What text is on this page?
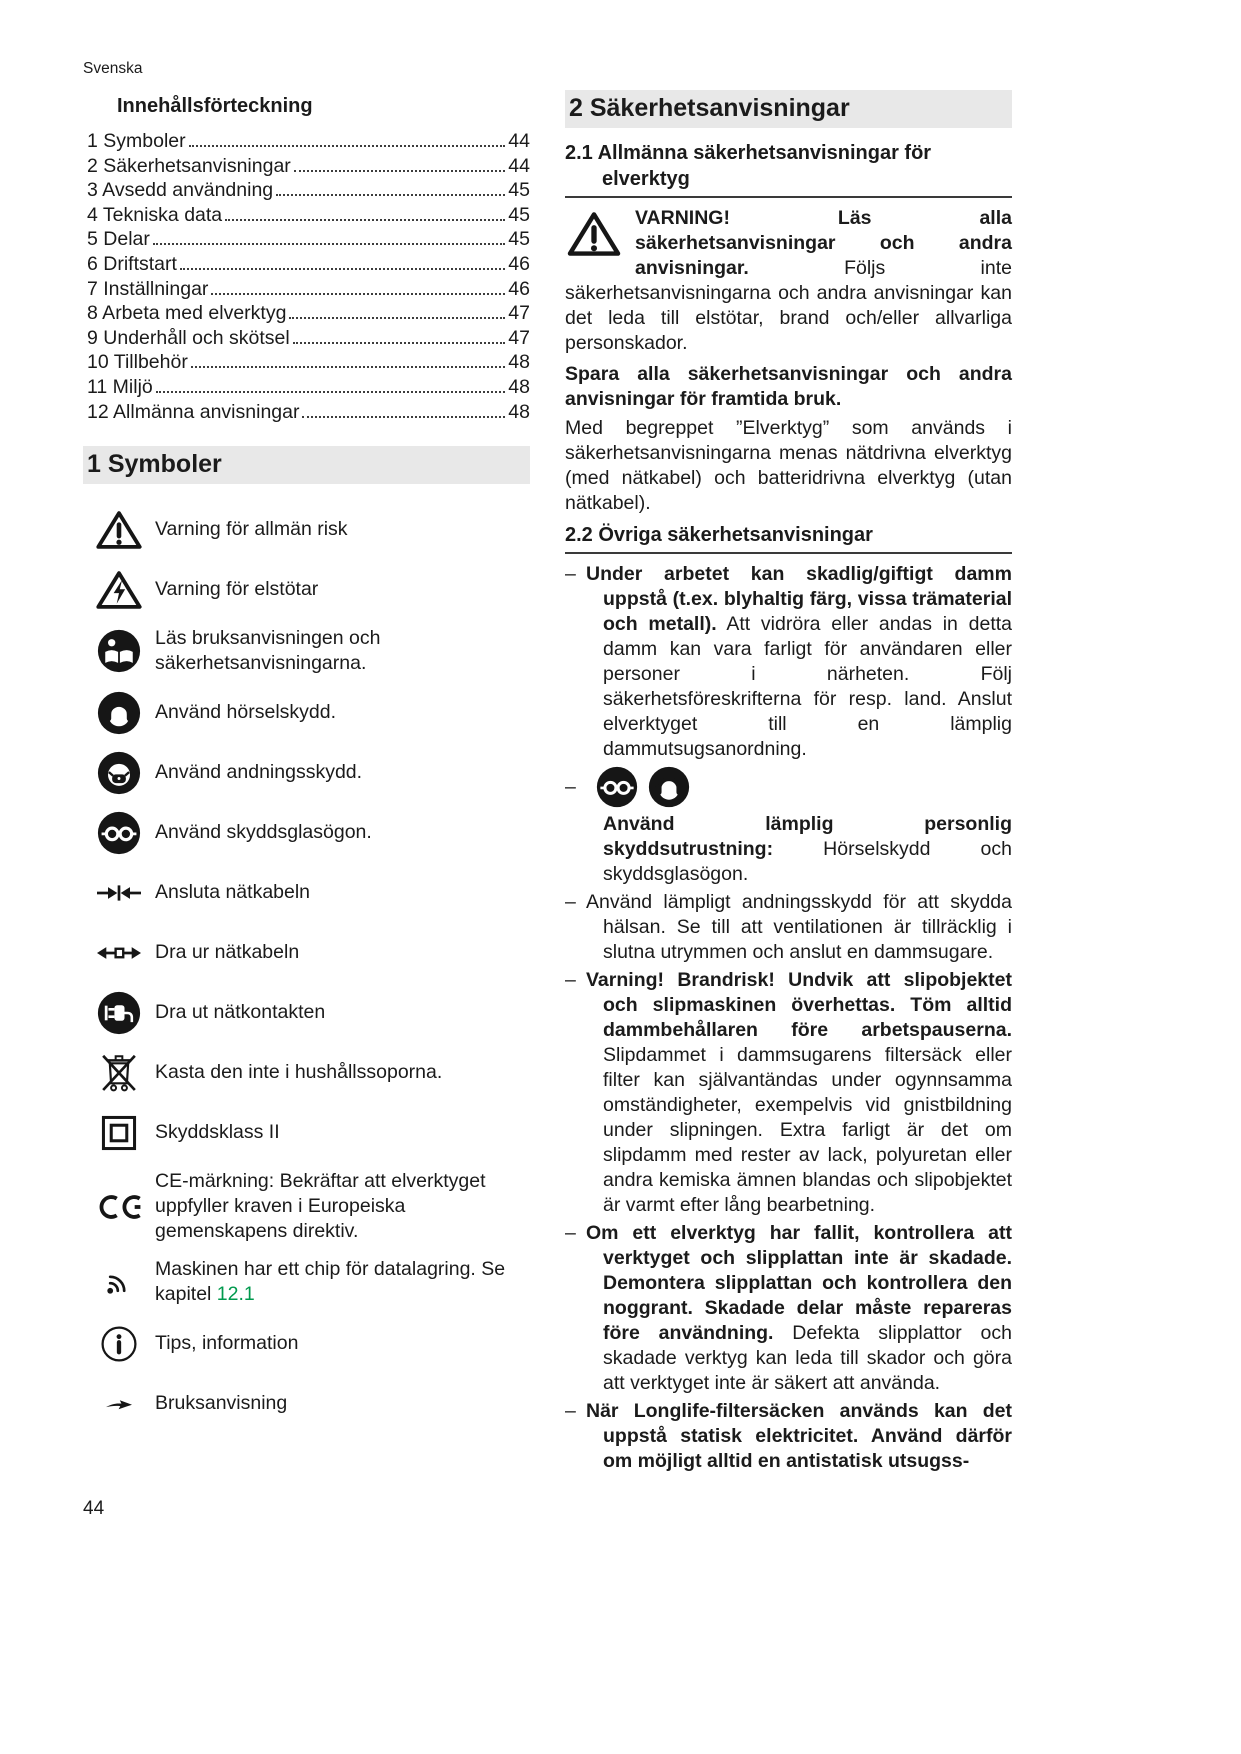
Svenska
Innehållsförteckning
1 Symboler	44
2 Säkerhetsanvisningar	44
3 Avsedd användning	45
4 Tekniska data	45
5 Delar	45
6 Driftstart	46
7 Inställningar	46
8 Arbeta med elverktyg	47
9 Underhåll och skötsel	47
10 Tillbehör	48
11 Miljö	48
12 Allmänna anvisningar	48
1 Symboler
Varning för allmän risk
Varning för elstötar
Läs bruksanvisningen och säkerhetsanvisningarna.
Använd hörselskydd.
Använd andningsskydd.
Använd skyddsglasögon.
Ansluta nätkabeln
Dra ur nätkabeln
Dra ut nätkontakten
Kasta den inte i hushållssoporna.
Skyddsklass II
CE-märkning: Bekräftar att elverktyget uppfyller kraven i Europeiska gemenskapens direktiv.
Maskinen har ett chip för datalagring. Se kapitel 12.1
Tips, information
Bruksanvisning
2 Säkerhetsanvisningar
2.1 Allmänna säkerhetsanvisningar för elverktyg

VARNING! Läs alla säkerhetsanvisningar och andra anvisningar. Följs inte säkerhetsanvisningarna och andra anvisningar kan det leda till elstötar, brand och/eller allvarliga personskador.

Spara alla säkerhetsanvisningar och andra anvisningar för framtida bruk.

Med begreppet ”Elverktyg” som används i säkerhetsanvisningarna menas nätdrivna elverktyg (med nätkabel) och batteridrivna elverktyg (utan nätkabel).

2.2 Övriga säkerhetsanvisningar

– Under arbetet kan skadlig/giftigt damm uppstå (t.ex. blyhaltig färg, vissa trämaterial och metall). Att vidröra eller andas in detta damm kan vara farligt för användaren eller personer i närheten. Följ säkerhetsföreskrifterna för resp. land. Anslut elverktyget till en lämplig dammutsugsanordning.

–

Använd lämplig personlig skyddsutrustning: Hörselskydd och skyddsglasögon.

– Använd lämpligt andningsskydd för att skydda hälsan. Se till att ventilationen är tillräcklig i slutna utrymmen och anslut en dammsugare.

– Varning! Brandrisk! Undvik att slipobjektet och slipmaskinen överhettas. Töm alltid dammbehållaren före arbetspauserna. Slipdammet i dammsugarens filtersäck eller filter kan självantändas under ogynnsamma omständigheter, exempelvis vid gnistbildning under slipningen. Extra farligt är det om slipdamm med rester av lack, polyuretan eller andra kemiska ämnen blandas och slipobjektet är varmt efter lång bearbetning.

– Om ett elverktyg har fallit, kontrollera att verktyget och slipplattan inte är skadade. Demontera slipplattan och kontrollera den noggrant. Skadade delar måste repareras före användning. Defekta slipplattor och skadade verktyg kan leda till skador och göra att verktyget inte är säkert att använda.

– När Longlife-filtersäcken används kan det uppstå statisk elektricitet. Använd därför om möjligt alltid en antistatisk utsugss-

44
